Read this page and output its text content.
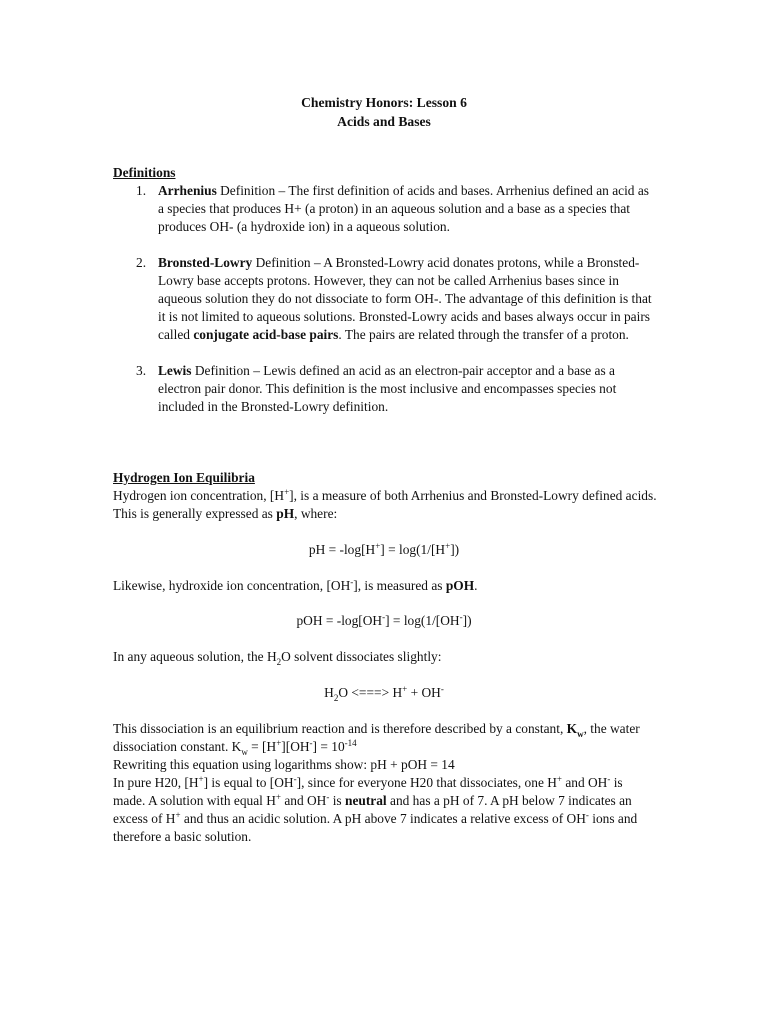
Chemistry Honors: Lesson 6
Acids and Bases
Definitions
1. Arrhenius Definition – The first definition of acids and bases. Arrhenius defined an acid as a species that produces H+ (a proton) in an aqueous solution and a base as a species that produces OH- (a hydroxide ion) in a aqueous solution.
2. Bronsted-Lowry Definition – A Bronsted-Lowry acid donates protons, while a Bronsted-Lowry base accepts protons. However, they can not be called Arrhenius bases since in aqueous solution they do not dissociate to form OH-. The advantage of this definition is that it is not limited to aqueous solutions. Bronsted-Lowry acids and bases always occur in pairs called conjugate acid-base pairs. The pairs are related through the transfer of a proton.
3. Lewis Definition – Lewis defined an acid as an electron-pair acceptor and a base as a electron pair donor. This definition is the most inclusive and encompasses species not included in the Bronsted-Lowry definition.
Hydrogen Ion Equilibria
Hydrogen ion concentration, [H+], is a measure of both Arrhenius and Bronsted-Lowry defined acids. This is generally expressed as pH, where:
pH = -log[H+] = log(1/[H+])
Likewise, hydroxide ion concentration, [OH-], is measured as pOH.
pOH = -log[OH-] = log(1/[OH-])
In any aqueous solution, the $H_2O$ solvent dissociates slightly:
$H_2O$ <===> H+ + OH-
This dissociation is an equilibrium reaction and is therefore described by a constant, $K_w$, the water dissociation constant. $K_w = [H^+][OH^-] = 10^{-14}$
Rewriting this equation using logarithms show: pH + pOH = 14
In pure H20, [H+] is equal to [OH-], since for everyone H20 that dissociates, one H+ and OH- is made. A solution with equal H+ and OH- is neutral and has a pH of 7. A pH below 7 indicates an excess of H+ and thus an acidic solution. A pH above 7 indicates a relative excess of OH- ions and therefore a basic solution.
